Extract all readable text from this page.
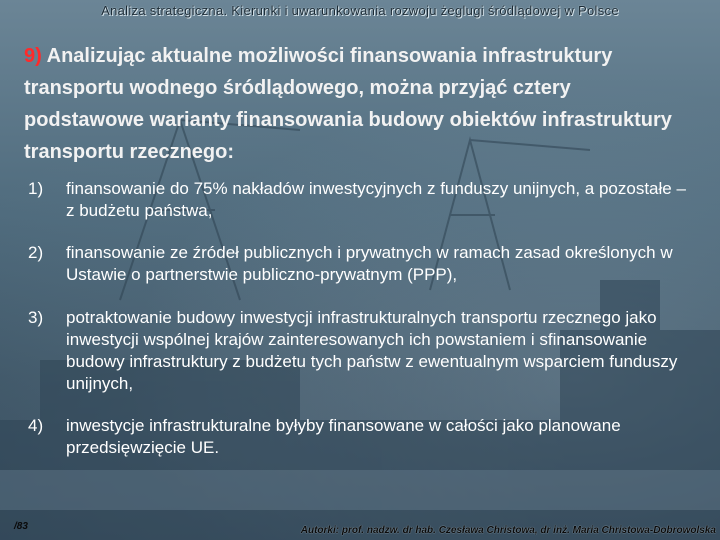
Analiza strategiczna. Kierunki i uwarunkowania rozwoju żeglugi śródlądowej w Polsce
9) Analizując aktualne możliwości finansowania infrastruktury transportu wodnego śródlądowego, można przyjąć cztery podstawowe warianty finansowania budowy obiektów infrastruktury transportu rzecznego:
1)	finansowanie do 75% nakładów inwestycyjnych z funduszy unijnych, a pozostałe – z budżetu państwa,
2)	finansowanie ze źródeł publicznych i prywatnych w ramach zasad określonych w Ustawie o partnerstwie publiczno-prywatnym (PPP),
3)	potraktowanie budowy inwestycji infrastrukturalnych transportu rzecznego jako inwestycji wspólnej krajów zainteresowanych ich powstaniem i sfinansowanie budowy infrastruktury z budżetu tych państw z ewentualnym wsparciem funduszy unijnych,
4)	inwestycje infrastrukturalne byłyby finansowane w całości jako planowane przedsięwzięcie UE.
/83	Autorki: prof. nadzw. dr hab. Czesława Christowa, dr inż. Maria Christowa-Dobrowolska
